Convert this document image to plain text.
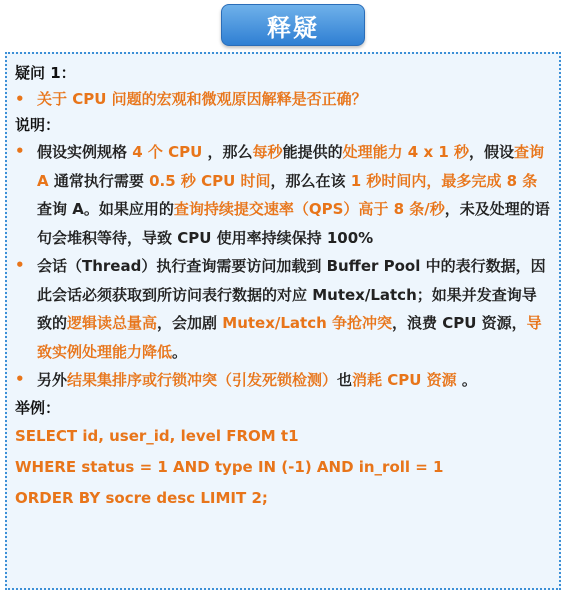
释疑
疑问 1：
• 关于 CPU 问题的宏观和微观原因解释是否正确？
说明：
• 假设实例规格 4 个 CPU ，那么每秒能提供的处理能力 4 x 1 秒，假设查询 A 通常执行需要 0.5 秒 CPU 时间，那么在该 1 秒时间内，最多完成 8 条 查询 A。如果应用的查询持续提交速率（QPS）高于 8 条/秒，未及处理的语句会堆积等待，导致 CPU 使用率持续保持 100%
• 会话（Thread）执行查询需要访问加载到 Buffer Pool 中的表行数据，因此会话必须获取到所访问表行数据的对应 Mutex/Latch；如果并发查询导致的逻辑读总量高，会加剧 Mutex/Latch 争抢冲突，浪费 CPU 资源，导致实例处理能力降低。
• 另外结果集排序或行锁冲突（引发死锁检测）也消耗 CPU 资源 。
举例：
SELECT id, user_id, level FROM t1
WHERE status = 1 AND type IN (-1) AND in_roll = 1
ORDER BY socre desc LIMIT 2;
